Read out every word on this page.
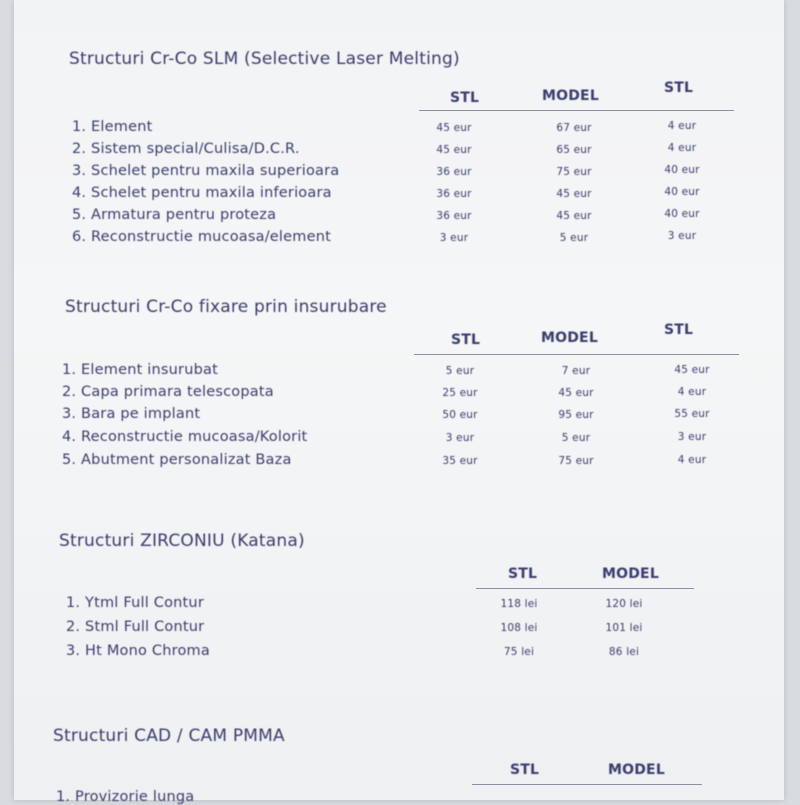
Structuri Cr-Co SLM (Selective Laser Melting)
STL	MODEL	STL
1. Element	45 eur	67 eur	4 eur
2. Sistem special/Culisa/D.C.R.	45 eur	65 eur	4 eur
3. Schelet pentru maxila superioara	36 eur	75 eur	40 eur
4. Schelet pentru maxila inferioara	36 eur	45 eur	40 eur
5. Armatura pentru proteza	36 eur	45 eur	40 eur
6. Reconstructie mucoasa/element	3 eur	5 eur	3 eur
Structuri Cr-Co fixare prin insurubare
STL	MODEL	STL
1. Element insurubat	5 eur	7 eur	45 eur
2. Capa primara telescopata	25 eur	45 eur	4 eur
3. Bara pe implant	50 eur	95 eur	55 eur
4. Reconstructie mucoasa/Kolorit	3 eur	5 eur	3 eur
5. Abutment personalizat Baza	35 eur	75 eur	4 eur
Structuri ZIRCONIU (Katana)
STL	MODEL
1. Ytml Full Contur	118 lei	120 lei
2. Stml Full Contur	108 lei	101 lei
3. Ht Mono Chroma	75 lei	86 lei
Structuri CAD / CAM PMMA
STL	MODEL
1. Provizorie lunga
